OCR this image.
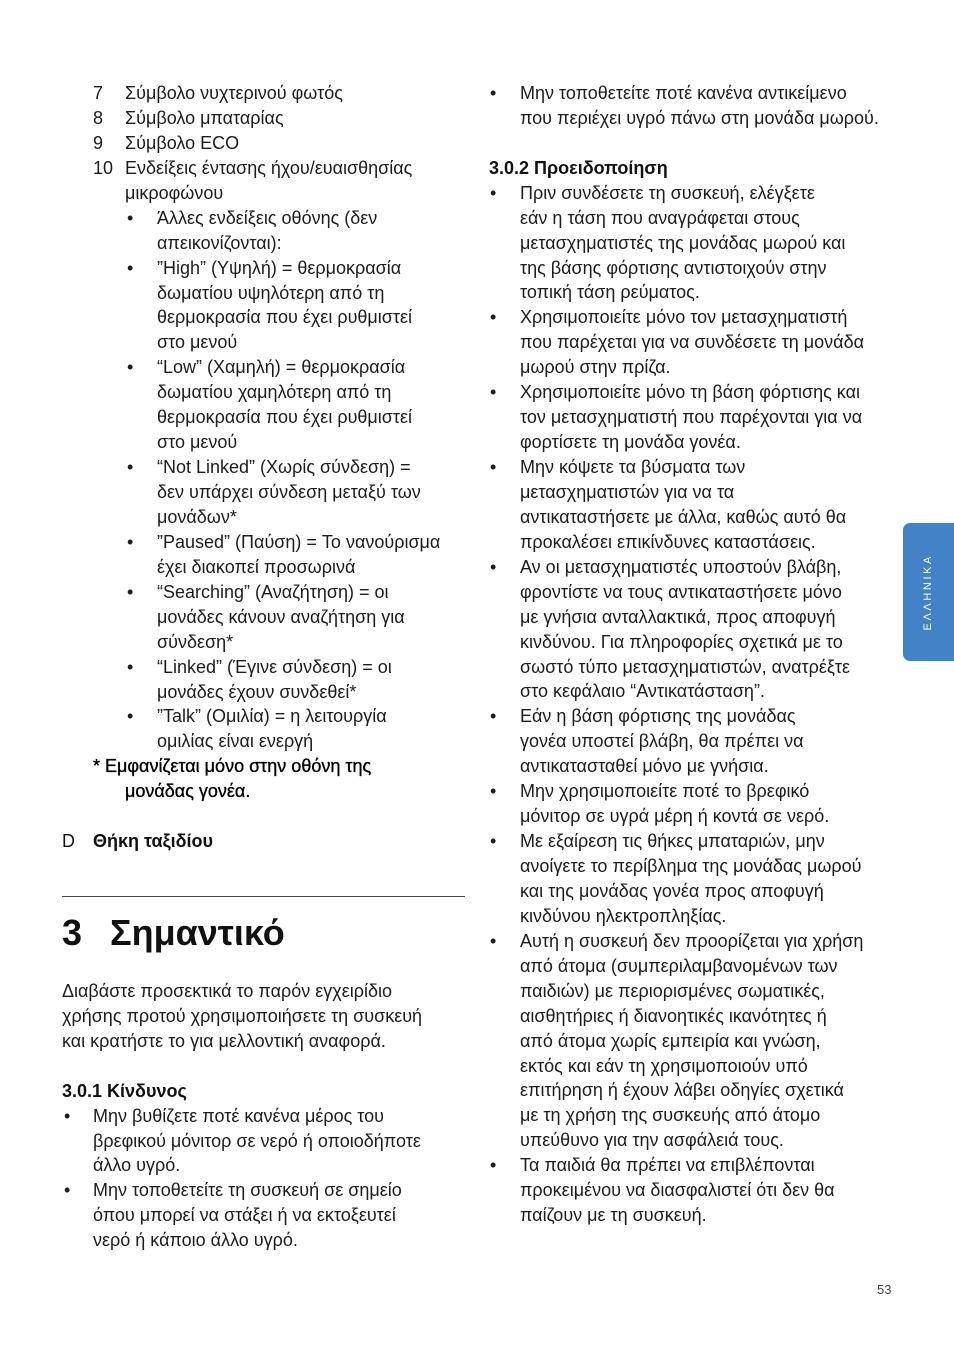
7	Σύμβολο νυχτερινού φωτός
8	Σύμβολο μπαταρίας
9	Σύμβολο ECO
10 Ενδείξεις έντασης ήχου/ευαισθησίας
μικροφώνου
•	Άλλες ενδείξεις οθόνης (δεν
απεικονίζονται):
•	”High” (Υψηλή) = θερμοκρασία
δωματίου υψηλότερη από τη
θερμοκρασία που έχει ρυθμιστεί
στο μενού
•	“Low” (Χαμηλή) = θερμοκρασία
δωματίου χαμηλότερη από τη
θερμοκρασία που έχει ρυθμιστεί
στο μενού
•	“Not Linked” (Χωρίς σύνδεση) =
δεν υπάρχει σύνδεση μεταξύ των
μονάδων*
•	”Paused” (Παύση) = Το νανούρισμα
έχει διακοπεί προσωρινά
•	“Searching” (Αναζήτηση) = οι
μονάδες κάνουν αναζήτηση για
σύνδεση*
•	“Linked” (Έγινε σύνδεση) = οι
μονάδες έχουν συνδεθεί*
•	”Talk” (Ομιλία) = η λειτουργία
ομιλίας είναι ενεργή
* Εμφανίζεται μόνο στην οθόνη της
μονάδας γονέα.
D	Θήκη ταξιδίου
3 Σημαντικό
Διαβάστε προσεκτικά το παρόν εγχειρίδιο
χρήσης προτού χρησιμοποιήσετε τη συσκευή
και κρατήστε το για μελλοντική αναφορά.
3.0.1 Κίνδυνος
•	Μην βυθίζετε ποτέ κανένα μέρος του
βρεφικού μόνιτορ σε νερό ή οποιοδήποτε
άλλο υγρό.
•	Μην τοποθετείτε τη συσκευή σε σημείο
όπου μπορεί να στάξει ή να εκτοξευτεί
νερό ή κάποιο άλλο υγρό.
•	Μην τοποθετείτε ποτέ κανένα αντικείμενο
που περιέχει υγρό πάνω στη μονάδα μωρού.
3.0.2 Προειδοποίηση
•	Πριν συνδέσετε τη συσκευή, ελέγξετε
εάν η τάση που αναγράφεται στους
μετασχηματιστές της μονάδας μωρού και
της βάσης φόρτισης αντιστοιχούν στην
τοπική τάση ρεύματος.
•	Χρησιμοποιείτε μόνο τον μετασχηματιστή
που παρέχεται για να συνδέσετε τη μονάδα
μωρού στην πρίζα.
•	Χρησιμοποιείτε μόνο τη βάση φόρτισης και
τον μετασχηματιστή που παρέχονται για να
φορτίσετε τη μονάδα γονέα.
•	Μην κόψετε τα βύσματα των
μετασχηματιστών για να τα
αντικαταστήσετε με άλλα, καθώς αυτό θα
προκαλέσει επικίνδυνες καταστάσεις.
•	Αν οι μετασχηματιστές υποστούν βλάβη,
φροντίστε να τους αντικαταστήσετε μόνο
με γνήσια ανταλλακτικά, προς αποφυγή
κινδύνου. Για πληροφορίες σχετικά με το
σωστό τύπο μετασχηματιστών, ανατρέξτε
στο κεφάλαιο “Αντικατάσταση”.
•	Εάν η βάση φόρτισης της μονάδας
γονέα υποστεί βλάβη, θα πρέπει να
αντικατασταθεί μόνο με γνήσια.
•	Μην χρησιμοποιείτε ποτέ το βρεφικό
μόνιτορ σε υγρά μέρη ή κοντά σε νερό.
•	Με εξαίρεση τις θήκες μπαταριών, μην
ανοίγετε το περίβλημα της μονάδας μωρού
και της μονάδας γονέα προς αποφυγή
κινδύνου ηλεκτροπληξίας.
•	Αυτή η συσκευή δεν προορίζεται για χρήση
από άτομα (συμπεριλαμβανομένων των
παιδιών) με περιορισμένες σωματικές,
αισθητήριες ή διανοητικές ικανότητες ή
από άτομα χωρίς εμπειρία και γνώση,
εκτός και εάν τη χρησιμοποιούν υπό
επιτήρηση ή έχουν λάβει οδηγίες σχετικά
με τη χρήση της συσκευής από άτομο
υπεύθυνο για την ασφάλειά τους.
•	Τα παιδιά θα πρέπει να επιβλέπονται
προκειμένου να διασφαλιστεί ότι δεν θα
παίζουν με τη συσκευή.
ΕΛΛΗΝΙΚΑ
53
